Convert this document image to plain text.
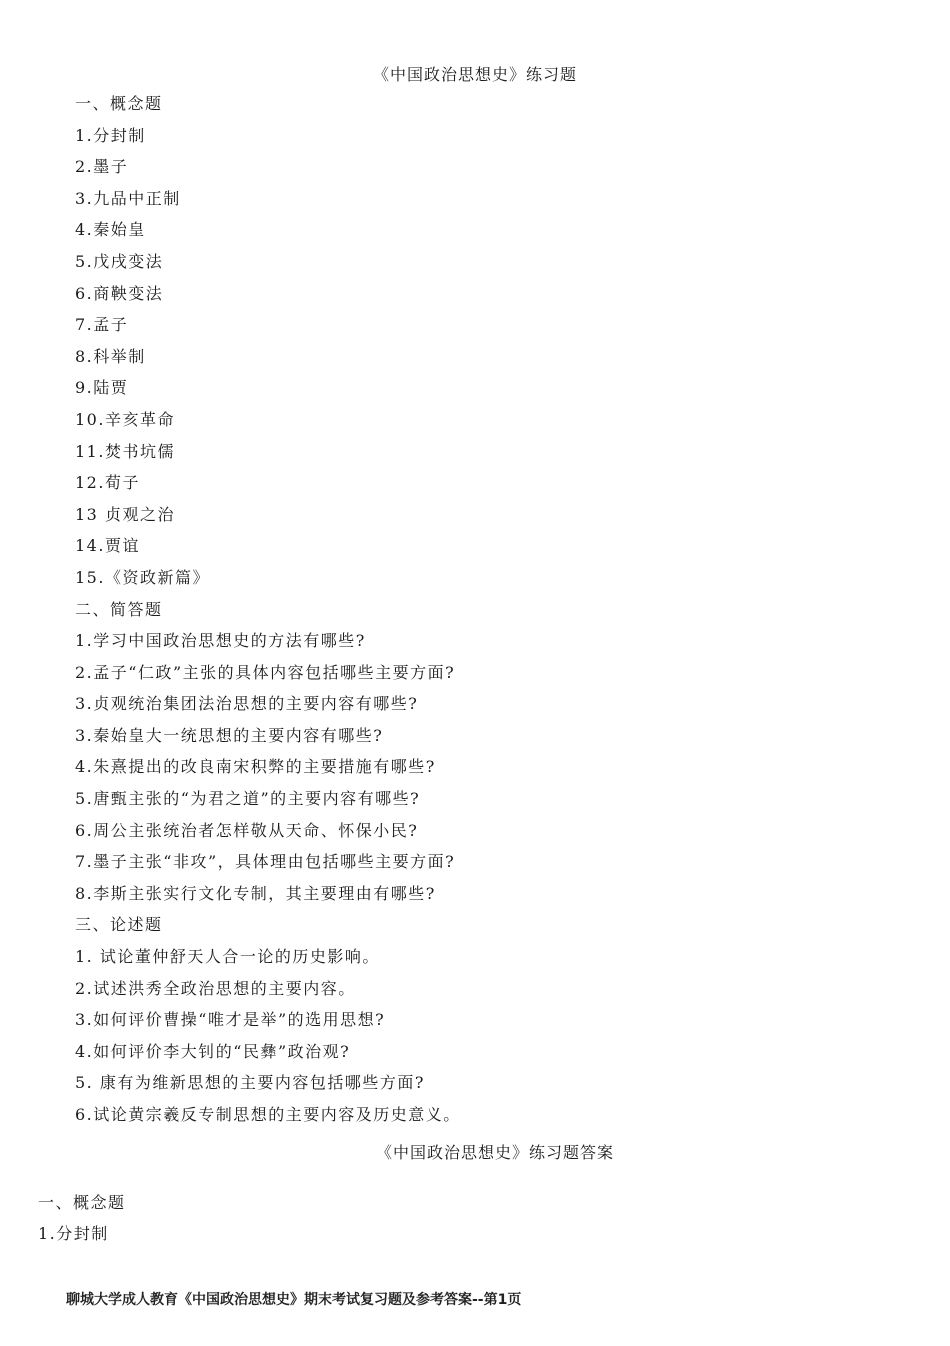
《中国政治思想史》练习题
一、概念题
1.分封制
2.墨子
3.九品中正制
4.秦始皇
5.戊戌变法
6.商鞅变法
7.孟子
8.科举制
9.陆贾
10.辛亥革命
11.焚书坑儒
12.荀子
13 贞观之治
14.贾谊
15.《资政新篇》
二、简答题
1.学习中国政治思想史的方法有哪些?
2.孟子“仁政”主张的具体内容包括哪些主要方面?
3.贞观统治集团法治思想的主要内容有哪些?
3.秦始皇大一统思想的主要内容有哪些?
4.朱熹提出的改良南宋积弊的主要措施有哪些?
5.唐甄主张的“为君之道”的主要内容有哪些?
6.周公主张统治者怎样敬从天命、怀保小民?
7.墨子主张“非攻”，具体理由包括哪些主要方面?
8.李斯主张实行文化专制，其主要理由有哪些?
三、论述题
1. 试论董仲舒天人合一论的历史影响。
2.试述洪秀全政治思想的主要内容。
3.如何评价曹操“唯才是举”的选用思想?
4.如何评价李大钊的“民彝”政治观?
5. 康有为维新思想的主要内容包括哪些方面?
6.试论黄宗羲反专制思想的主要内容及历史意义。
《中国政治思想史》练习题答案
一、概念题
1.分封制
聊城大学成人教育《中国政治思想史》期末考试复习题及参考答案--第1页
